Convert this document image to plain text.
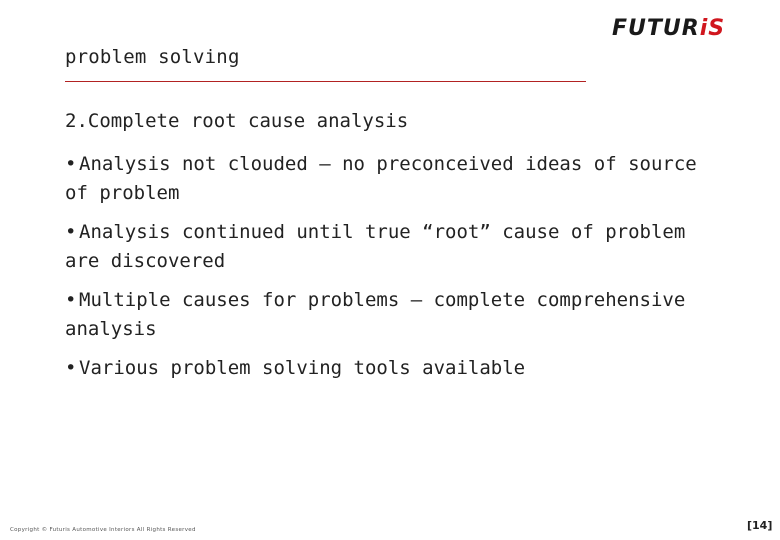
FUTURiS
problem solving
2.Complete root cause analysis
• Analysis not clouded – no preconceived ideas of source of problem
• Analysis continued until true “root” cause of problem are discovered
• Multiple causes for problems – complete comprehensive analysis
• Various problem solving tools available
Copyright © Futuris Automotive Interiors All Rights Reserved	[14]
